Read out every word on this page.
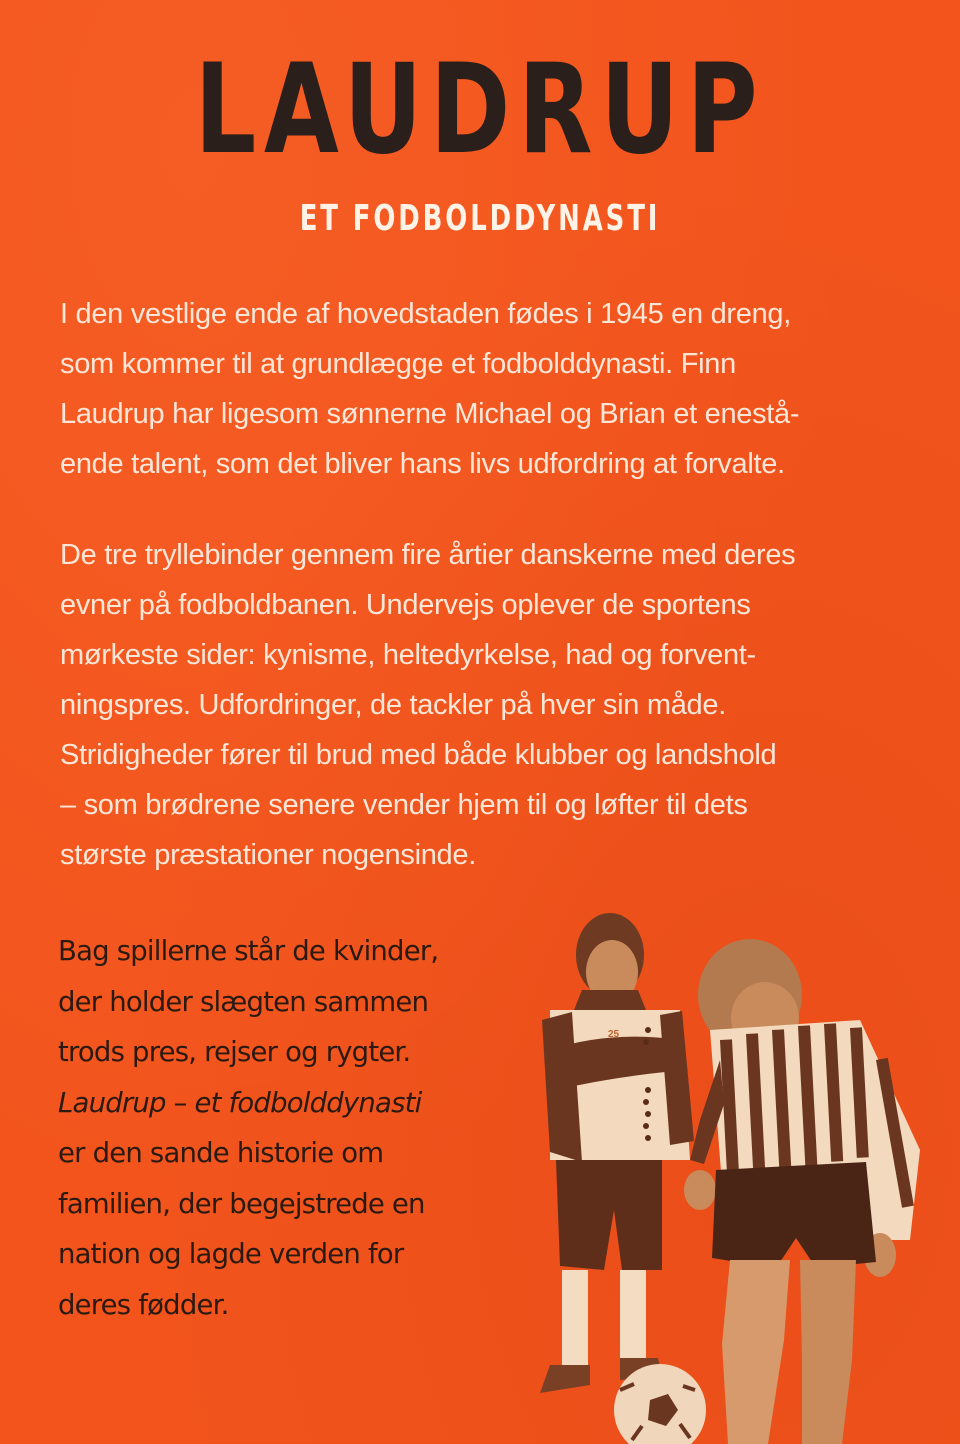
LAUDRUP
ET FODBOLDDYNASTI
I den vestlige ende af hovedstaden fødes i 1945 en dreng,
som kommer til at grundlægge et fodbolddynasti. Finn
Laudrup har ligesom sønnerne Michael og Brian et enestå-
ende talent, som det bliver hans livs udfordring at forvalte.
De tre tryllebinder gennem fire årtier danskerne med deres
evner på fodboldbanen. Undervejs oplever de sportens
mørkeste sider: kynisme, heltedyrkelse, had og forvent-
ningspres. Udfordringer, de tackler på hver sin måde.
Stridigheder fører til brud med både klubber og landshold
– som brødrene senere vender hjem til og løfter til dets
største præstationer nogensinde.
Bag spillerne står de kvinder,
der holder slægten sammen
trods pres, rejser og rygter.
Laudrup – et fodbolddynasti
er den sande historie om
familien, der begejstrede en
nation og lagde verden for
deres fødder.
25
